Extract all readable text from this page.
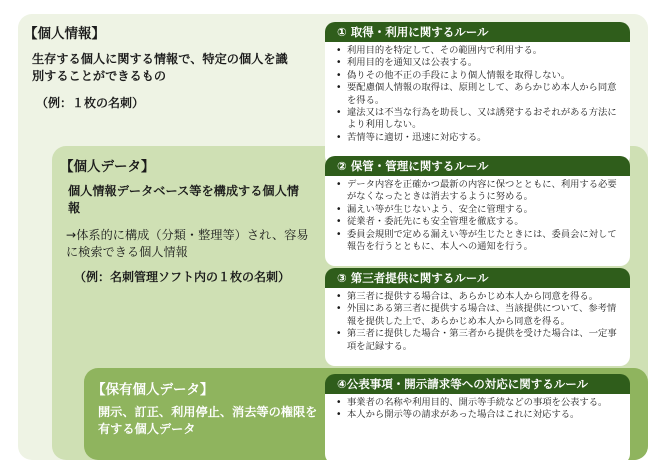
【個人情報】
生存する個人に関する情報で、特定の個人を識別することができるもの
（例：１枚の名刺）
【個人データ】
個人情報データベース等を構成する個人情報
→体系的に構成（分類・整理等）され、容易に検索できる個人情報
（例：名刺管理ソフト内の１枚の名刺）
【保有個人データ】
開示、訂正、利用停止、消去等の権限を有する個人データ
① 取得・利用に関するルール
• 利用目的を特定して、その範囲内で利用する。
• 利用目的を通知又は公表する。
• 偽りその他不正の手段により個人情報を取得しない。
• 要配慮個人情報の取得は、原則として、あらかじめ本人から同意を得る。
• 違法又は不当な行為を助長し、又は誘発するおそれがある方法により利用しない。
• 苦情等に適切・迅速に対応する。
② 保管・管理に関するルール
• データ内容を正確かつ最新の内容に保つとともに、利用する必要がなくなったときは消去するように努める。
• 漏えい等が生じないよう、安全に管理する。
• 従業者・委託先にも安全管理を徹底する。
• 委員会規則で定める漏えい等が生じたときには、委員会に対して報告を行うとともに、本人への通知を行う。
③ 第三者提供に関するルール
• 第三者に提供する場合は、あらかじめ本人から同意を得る。
• 外国にある第三者に提供する場合は、当該提供について、参考情報を提供した上で、あらかじめ本人から同意を得る。
• 第三者に提供した場合・第三者から提供を受けた場合は、一定事項を記録する。
④公表事項・開示請求等への対応に関するルール
• 事業者の名称や利用目的、開示等手続などの事項を公表する。
• 本人から開示等の請求があった場合はこれに対応する。
